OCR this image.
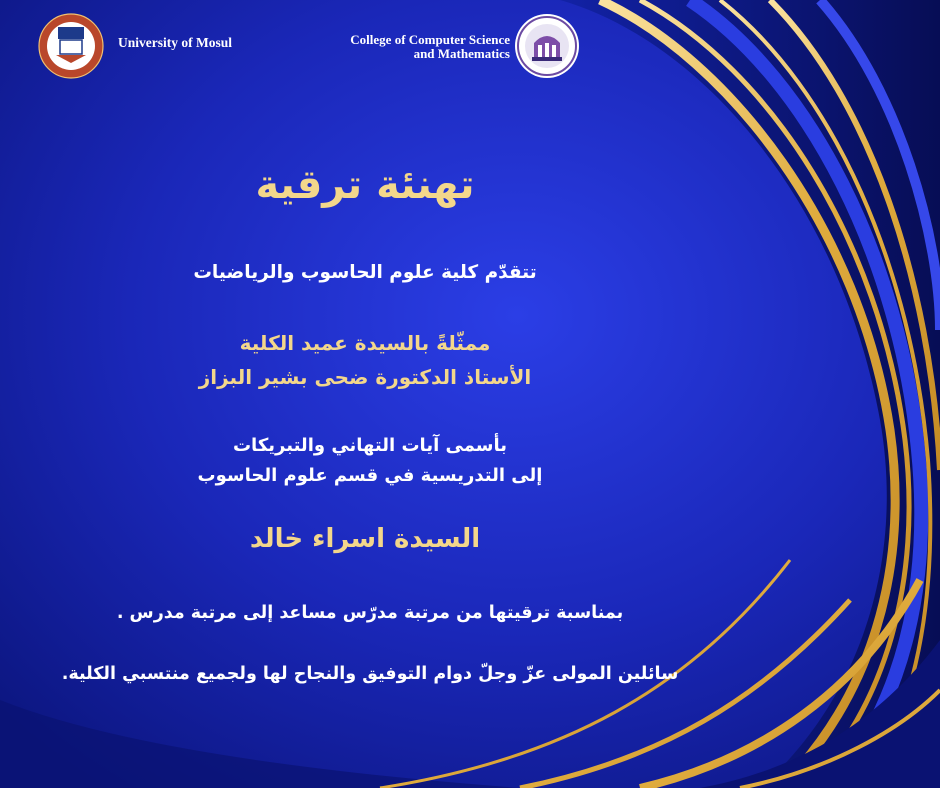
University of Mosul	College of Computer Science
and Mathematics
تهنئة ترقية
تتقدّم كلية علوم الحاسوب والرياضيات
ممثّلةً بالسيدة عميد الكلية
الأستاذ الدكتورة ضحى بشير البزاز
بأسمى آيات التهاني والتبريكات
إلى التدريسية في قسم علوم الحاسوب
السيدة اسراء خالد
بمناسبة ترقيتها من مرتبة مدرّس مساعد إلى مرتبة مدرس .
سائلين المولى عزّ وجلّ دوام التوفيق والنجاح لها ولجميع منتسبي الكلية.
